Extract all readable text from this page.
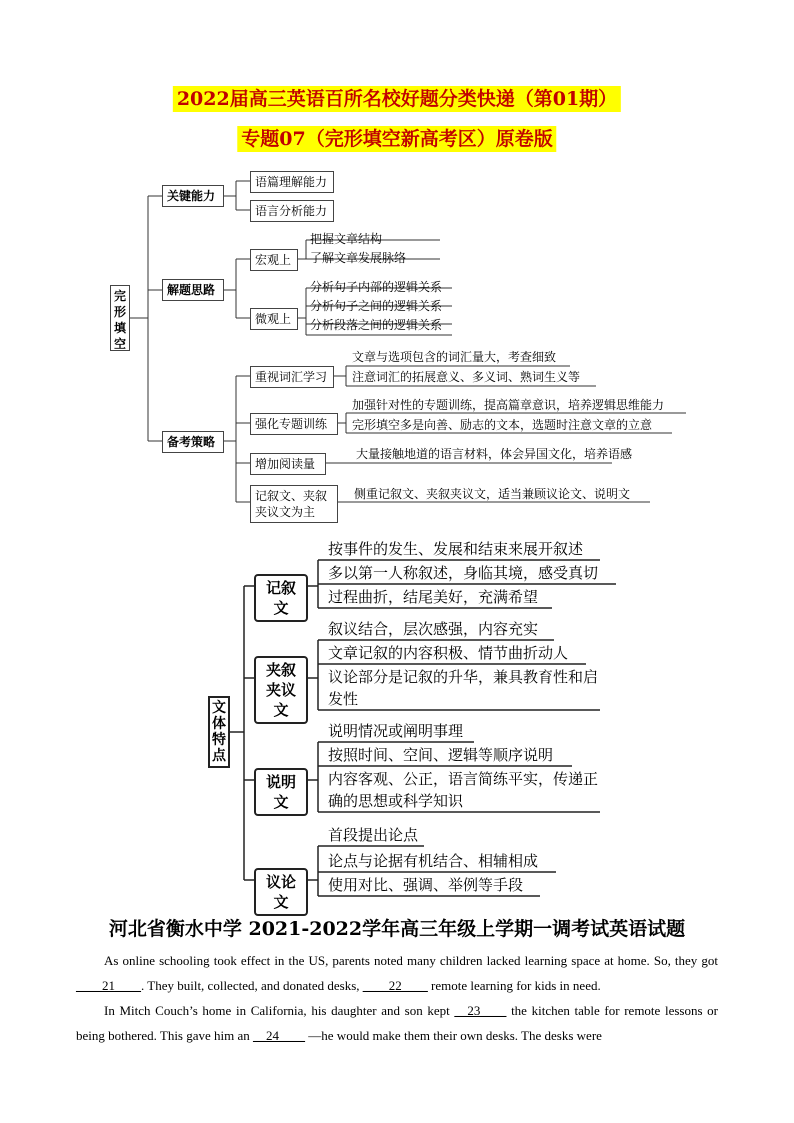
2022届高三英语百所名校好题分类快递（第01期）
专题07（完形填空新高考区）原卷版
完形填空
关键能力
语篇理解能力
语言分析能力
解题思路
宏观上
把握文章结构
了解文章发展脉络
微观上
分析句子内部的逻辑关系
分析句子之间的逻辑关系
分析段落之间的逻辑关系
备考策略
重视词汇学习
文章与选项包含的词汇量大，考查细致
注意词汇的拓展意义、多义词、熟词生义等
强化专题训练
加强针对性的专题训练，提高篇章意识，培养逻辑思维能力
完形填空多是向善、励志的文本，选题时注意文章的立意
增加阅读量
大量接触地道的语言材料，体会异国文化，培养语感
记叙文、夹叙夹议文为主
侧重记叙文、夹叙夹议文，适当兼顾议论文、说明文
文体特点
记叙文
按事件的发生、发展和结束来展开叙述
多以第一人称叙述，身临其境，感受真切
过程曲折，结尾美好，充满希望
夹叙夹议文
叙议结合，层次感强，内容充实
文章记叙的内容积极、情节曲折动人
议论部分是记叙的升华，兼具教育性和启发性
说明文
说明情况或阐明事理
按照时间、空间、逻辑等顺序说明
内容客观、公正，语言简练平实，传递正确的思想或科学知识
议论文
首段提出论点
论点与论据有机结合、相辅相成
使用对比、强调、举例等手段
河北省衡水中学 2021-2022学年高三年级上学期一调考试英语试题
As online schooling took effect in the US, parents noted many children lacked learning space at home. So, they got ____21____. They built, collected, and donated desks, ____22____ remote learning for kids in need.
In Mitch Couch’s home in California, his daughter and son kept __23____ the kitchen table for remote lessons or being bothered. This gave him an __24____ —he would make them their own desks. The desks were
